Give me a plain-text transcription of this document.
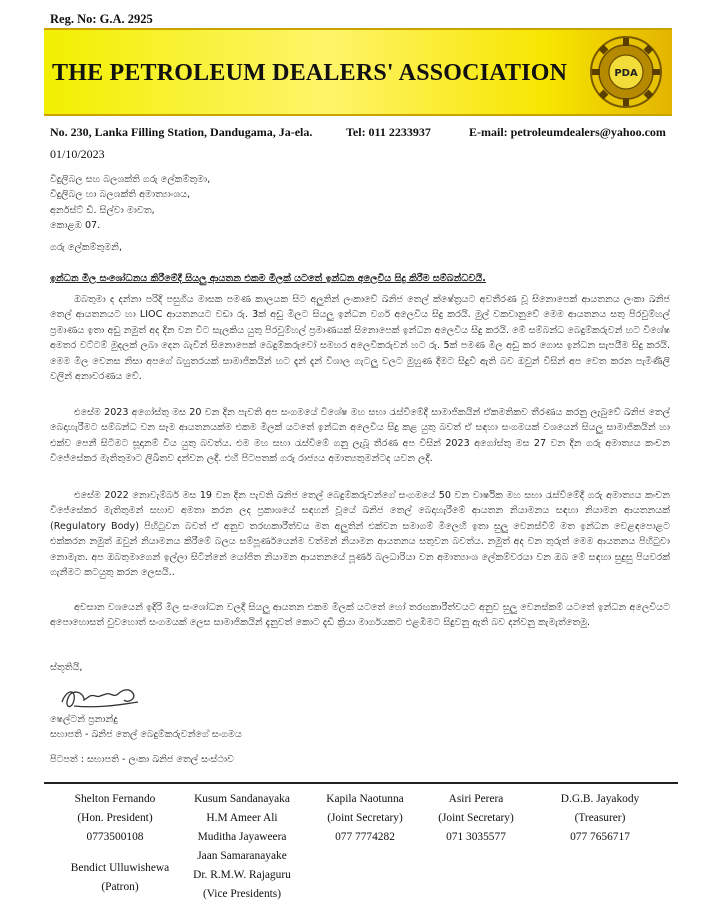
Reg. No: G.A. 2925
THE PETROLEUM DEALERS' ASSOCIATION	PDA
No. 230, Lanka Filling Station, Dandugama, Ja-ela.	Tel: 011 2233937	E-mail: petroleumdealers@yahoo.com
01/10/2023
විදුලිබල සහ බලශක්ති ගරු ලේකම්තුමා,
විදුලිබල හා බලශක්ති අමාත්‍යාංශය,
අර්නස්ට් ඩී. සිල්වා මාවත,
කොළඹ 07.
ගරු ලේකම්තුමනි,
ඉන්ධන මිල සංශෝධනය කිරීමේදී සියලු ආයතන එකම මිලක් යටතේ ඉන්ධන අලෙවිය සිදු කිරීම සම්බන්ධවයි.
ඔබතුමා ද දන්නා පරිදි පසුගිය මාසක පමණ කාලයක සිට අලුතින් ලංකාවේ ඛනිජ තෙල් ක්ෂේත්‍රයට අවතීරණ වූ සිනොපෙක් ආයතනය ලංකා ඛනිජ තෙල් ආයතනයට හා LIOC ආයතනයට වඩා රු. 3ක් අඩු මිලට සියලු ඉන්ධන වර්ග අලෙවිය සිදු කරයි. මුල් වකවානුවේ මෙම ආයතනය සතු පිරවුම්හල් ප්‍රමාණය ඉතා අඩු නමුත් අද දින වන විට සැලකිය යුතු පිරවුම්හල් ප්‍රමාණයක් සිනොපෙක් ඉන්ධන අලෙවිය සිදු කරයි. මේ සම්බන්ධ බෙදුම්කරුවන් හට විශේෂ අමතර වට්ටම් මුදලක් ලබා දෙන බැවින් සිනොපෙක් බෙදුම්කරුවෝ සමහර අලෙවිකරුවන් හට රු. 5ක් පමණ මිල අඩු කර ගොස ඉන්ධන සැපයීම සිදු කරයි. මෙම මිල වෙනස නිසා අපගේ බහුතරයක් සාමාජිකයින් හට දැන් දැන් විශාල ගැටලු වලට මුහුණ දීමට සිදුවී ඇති බව ඔවුන් විසින් අප වෙත කරන පැමිණිලි වලින් අනාවරණය වේ.
එසේම 2023 අගෝස්තු මස 20 වන දින පැවති අප සංගමයේ විශේෂ මහ සභා රැස්වීමේදී සාමාජිකයින් ඒකමතිකව තීරණය කරනු ලැබුවේ ඛනිජ තෙල් බෙදාහැරීමට සම්බන්ධ වන සෑම ආයතනයක්ම එකම මිලක් යටතේ ඉන්ධන අලෙවිය සිදු කළ යුතු බවත් ඒ සඳහා සංගමයක් වශයෙන් සියලු සාමාජිකයින් හා එක්ව පෙනී සිටීමට සූදානම් විය යුතු බවත්ය. එම මහ සභා රැස්වීමේ ගනු ලැබූ තීරණ අප විසින් 2023 අගෝස්තු මස 27 වන දින ගරු අමාත්‍යය කංචන විජේසේකර මැතිතුමාට ලිඛිතව දන්වන ලදී. එහි පිටපතක් ගරු රාජ්‍යය අමාත්‍යතුමන්ටද යවන ලදී.
එසේම 2022 නොවැම්බර් මස 19 වන දින පැවති ඛනිජ තෙල් බෙදුම්කරුවන්ගේ සංගමයේ 50 වන වාර්ෂික මහ සභා රැස්වීමේදී ගරු අමාත්‍යය කංචන විජේසේකර මැතිතුමන් සභාව අමතා කරන ලද ප්‍රකාශයේ සඳහන් වූයේ ඛනිජ තෙල් බෙදාහැරීමේ ආයතන නියාමනය සඳහා නියාමන ආයතනයක් (Regulatory Body) පිහිටුවන බවත් ඒ අනුව තරඟකාරීත්වය මත අලුතින් එක්වන සමාගම් මිලෙහි ඉතා සුලු වෙනස්වීම් මත ඉන්ධන වෙළඳපොළට එක්කරන නමුත් ඔවුන් නියාමනය කිරීමේ බලය සම්පූර්ණයෙන්ම වත්මන් නියාමන ආයතනය සතුවන බවත්ය. නමුත් අද වන තුරුත් මෙම ආයතනය පිහිටුවා නොමැත. අප ඔබතුමාගෙන් ඉල්ලා සිටින්නේ යෝජිත නියාමන ආයතනයේ පූර්ණ බලධාරියා වන අමාත්‍යාංශ ලේකම්වරයා වන ඔබ මේ සඳහා සුදුසු පියවරක් ගැනීමට කටයුතු කරන ලෙසයි..
අවසාන වශයෙන් ඉදිරි මිල සංශෝධන වලදී සියලු ආයතන එකම මිලක් යටතේ හෝ තරඟකාරීත්වයට අනුව සුලු වෙනස්කම් යටතේ ඉන්ධන අලෙවියට අපොහොසත් වුවහොත් සංගමයක් ලෙස සාමාජිකයින් දැනුවත් කොට දැඩි ක්‍රියා මාර්ගයකට එළඹීමට සිදුවනු ඇති බව දන්වනු කැමැත්තෙමු.
ස්තූතියි,
ෂෙල්ටන් ප්‍රනාන්දු
සභාපති - ඛනිජ තෙල් බෙදුම්කරුවන්ගේ සංගමය
පිටපත් : සභාපති - ලංකා ඛනිජ තෙල් සංස්ථාව
Shelton Fernando
(Hon. President)
0773500108
Kusum Sandanayaka
H.M Ameer Ali
Muditha Jayaweera
Jaan Samaranayake
Dr. R.M.W. Rajaguru
(Vice Presidents)
Kapila Naotunna
(Joint Secretary)
077 7774282
Asiri Perera
(Joint Secretary)
071 3035577
D.G.B. Jayakody
(Treasurer)
077 7656717
Bendict Ulluwishewa
(Patron)
